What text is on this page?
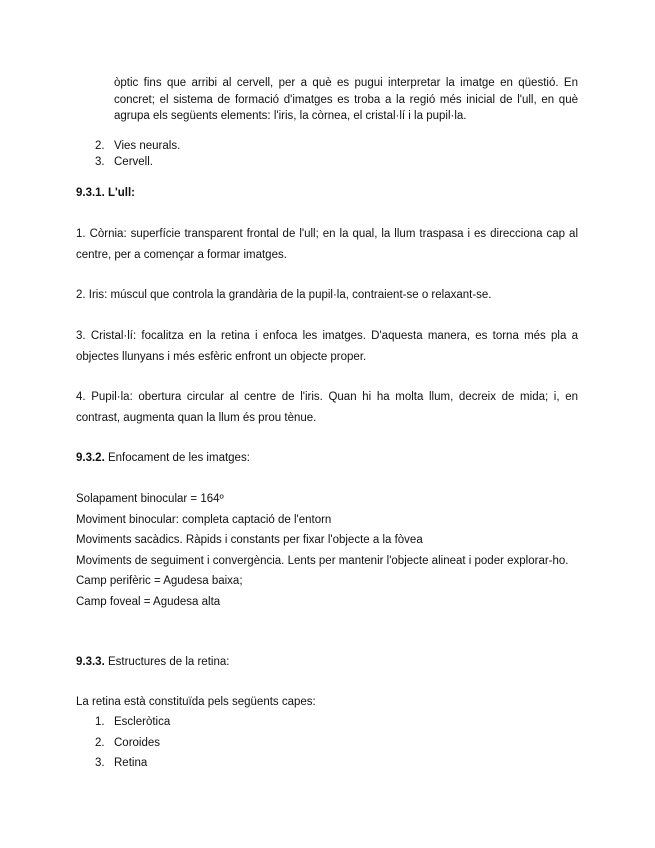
òptic fins que arribi al cervell, per a què es pugui interpretar la imatge en qüestió. En concret; el sistema de formació d'imatges es troba a la regió més inicial de l'ull, en què agrupa els següents elements: l'iris, la còrnea, el cristal·lí i la pupil·la.
2. Vies neurals.
3. Cervell.
9.3.1. L'ull:
1. Còrnia: superfície transparent frontal de l'ull; en la qual, la llum traspasa i es direcciona cap al centre, per a començar a formar imatges.
2. Iris: múscul que controla la grandària de la pupil·la, contraient-se o relaxant-se.
3. Cristal·lí: focalitza en la retina i enfoca les imatges. D'aquesta manera, es torna més pla a objectes llunyans i més esfèric enfront un objecte proper.
4. Pupil·la: obertura circular al centre de l'iris. Quan hi ha molta llum, decreix de mida; i, en contrast, augmenta quan la llum és prou tènue.
9.3.2. Enfocament de les imatges:
Solapament binocular = 164º
Moviment binocular: completa captació de l'entorn
Moviments sacàdics. Ràpids i constants per fixar l'objecte a la fòvea
Moviments de seguiment i convergència. Lents per mantenir l'objecte alineat i poder explorar-ho.
Camp perifèric = Agudesa baixa;
Camp foveal = Agudesa alta
9.3.3. Estructures de la retina:
La retina està constituïda pels següents capes:
1. Escleròtica
2. Coroides
3. Retina
